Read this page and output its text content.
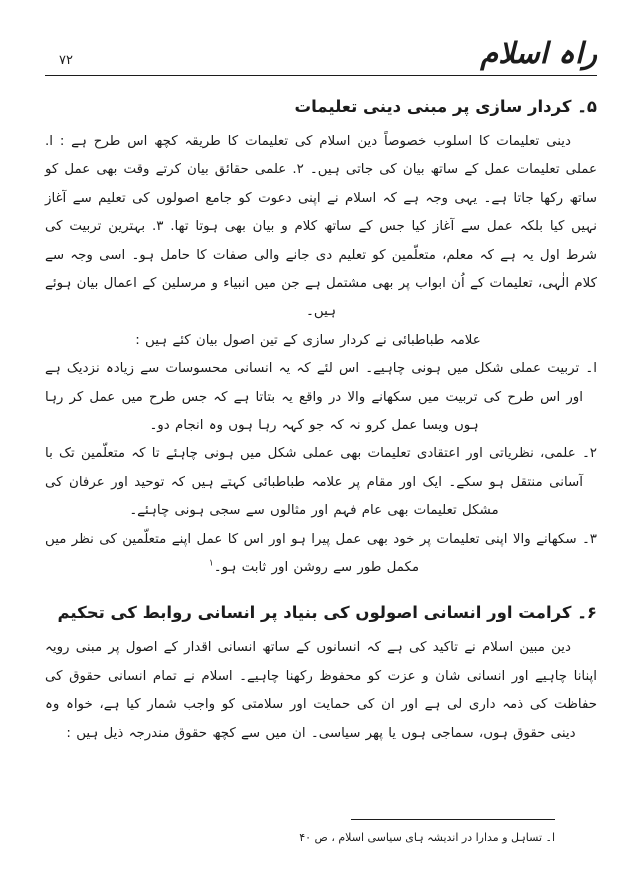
راہ اسلام
۷۲
۵۔ کردار سازی پر مبنی دینی تعلیمات

دینی تعلیمات کا اسلوب خصوصاً دین اسلام کی تعلیمات کا طریقہ کچھ اس طرح ہے : ا. عملی تعلیمات عمل کے ساتھ بیان کی جاتی ہیں۔ ۲. علمی حقائق بیان کرتے وقت بھی عمل کو ساتھ رکھا جاتا ہے۔ یہی وجہ ہے کہ اسلام نے اپنی دعوت کو جامع اصولوں کی تعلیم سے آغاز نہیں کیا بلکہ عمل سے آغاز کیا جس کے ساتھ کلام و بیان بھی ہوتا تھا. ۳. بہترین تربیت کی شرط اول یہ ہے کہ معلم، متعلّمین کو تعلیم دی جانے والی صفات کا حامل ہو۔ اسی وجہ سے کلام الٰہی، تعلیمات کے اُن ابواب پر بھی مشتمل ہے جن میں انبیاء و مرسلین کے اعمال بیان ہوئے ہیں۔

علامہ طباطبائی نے کردار سازی کے تین اصول بیان کئے ہیں :

ا۔ تربیت عملی شکل میں ہونی چاہیے۔ اس لئے کہ یہ انسانی محسوسات سے زیادہ نزدیک ہے اور اس طرح کی تربیت میں سکھانے والا در واقع یہ بتاتا ہے کہ جس طرح میں عمل کر رہا ہوں ویسا عمل کرو نہ کہ جو کہہ رہا ہوں وہ انجام دو۔

۲۔ علمی، نظریاتی اور اعتقادی تعلیمات بھی عملی شکل میں ہونی چاہئے تا کہ متعلّمین تک با آسانی منتقل ہو سکے۔ ایک اور مقام پر علامہ طباطبائی کہتے ہیں کہ توحید اور عرفان کی مشکل تعلیمات بھی عام فہم اور مثالوں سے سجی ہونی چاہئے۔

۳۔ سکھانے والا اپنی تعلیمات پر خود بھی عمل پیرا ہو اور اس کا عمل اپنے متعلّمین کی نظر میں مکمل طور سے روشن اور ثابت ہو۔$^۱$

۶۔ کرامت اور انسانی اصولوں کی بنیاد پر انسانی روابط کی تحکیم

دین مبین اسلام نے تاکید کی ہے کہ انسانوں کے ساتھ انسانی اقدار کے اصول پر مبنی رویہ اپنانا چاہیے اور انسانی شان و عزت کو محفوظ رکھنا چاہیے۔ اسلام نے تمام انسانی حقوق کی حفاظت کی ذمہ داری لی ہے اور ان کی حمایت اور سلامتی کو واجب شمار کیا ہے، خواہ وہ دینی حقوق ہوں، سماجی ہوں یا پھر سیاسی۔ ان میں سے کچھ حقوق مندرجہ ذیل ہیں :

ا۔ تساہل و مدارا در اندیشہ ہای سیاسی اسلام ، ص ۴۰
